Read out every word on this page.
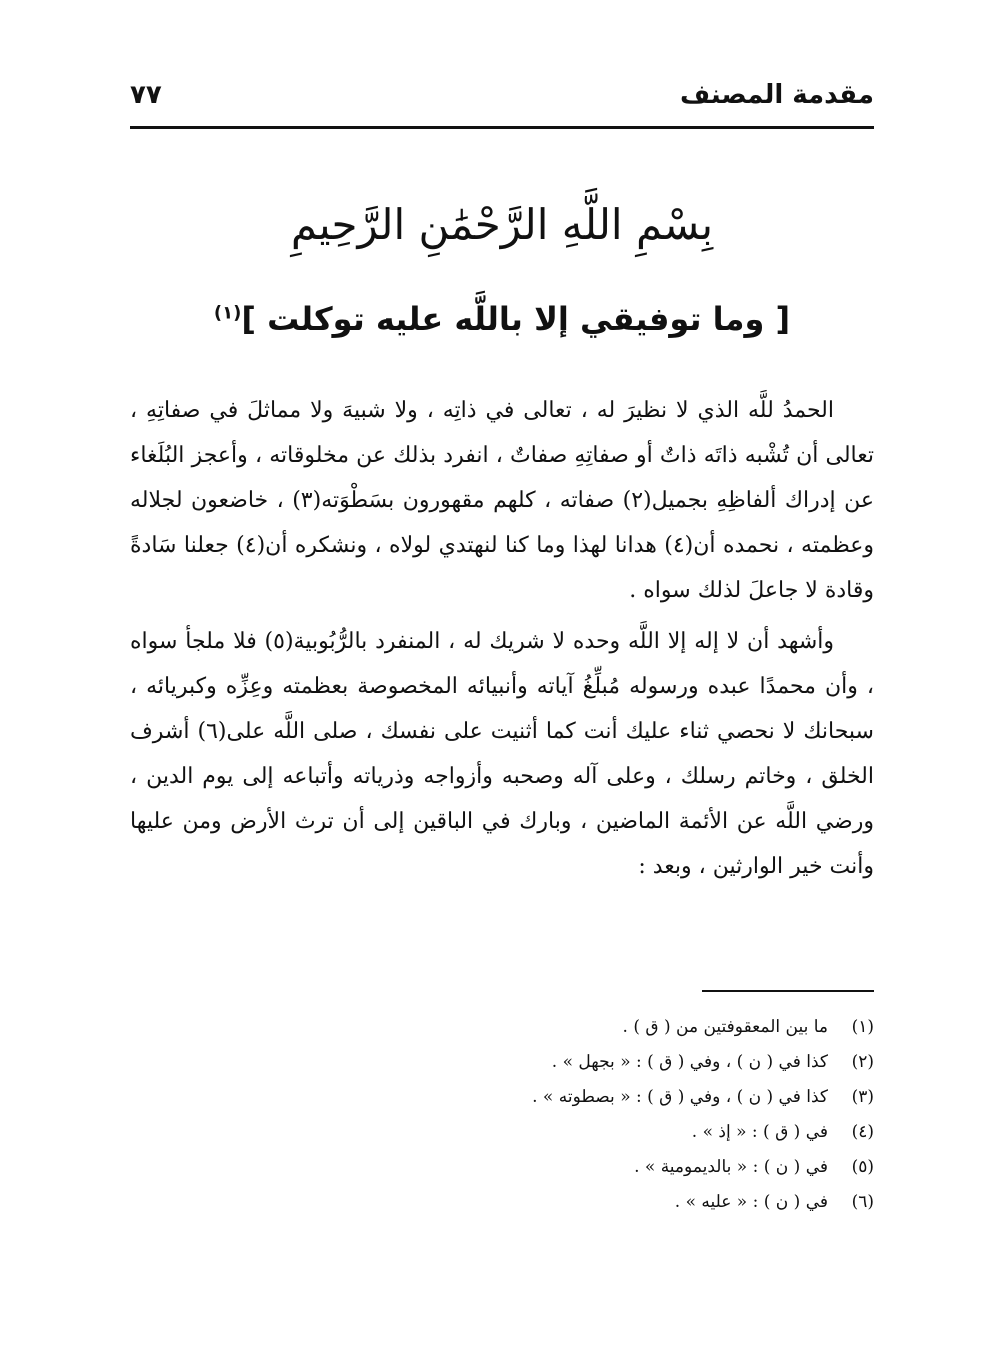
مقدمة المصنف
٧٧
بِسْمِ اللَّهِ الرَّحْمَٰنِ الرَّحِيمِ
[ وما توفيقي إلا باللَّه عليه توكلت ]$^{(١)}$

الحمدُ للَّه الذي لا نظيرَ له ، تعالى في ذاتِه ، ولا شبيهَ ولا مماثلَ في صفاتِهِ ، تعالى أن تُشْبه ذاتَه ذاتٌ أو صفاتِهِ صفاتٌ ، انفرد بذلك عن مخلوقاته ، وأعجز البُلَغاء عن إدراك ألفاظِهِ بجميل(٢) صفاته ، كلهم مقهورون بسَطْوَته(٣) ، خاضعون لجلاله وعظمته ، نحمده أن(٤) هدانا لهذا وما كنا لنهتدي لولاه ، ونشكره أن(٤) جعلنا سَادةً وقادة لا جاعلَ لذلك سواه .

وأشهد أن لا إله إلا اللَّه وحده لا شريك له ، المنفرد بالرُّبُوبية(٥) فلا ملجأ سواه ، وأن محمدًا عبده ورسوله مُبلِّغُ آياته وأنبيائه المخصوصة بعظمته وعِزِّه وكبريائه ، سبحانك لا نحصي ثناء عليك أنت كما أثنيت على نفسك ، صلى اللَّه على(٦) أشرف الخلق ، وخاتم رسلك ، وعلى آله وصحبه وأزواجه وذرياته وأتباعه إلى يوم الدين ، ورضي اللَّه عن الأئمة الماضين ، وبارك في الباقين إلى أن ترث الأرض ومن عليها وأنت خير الوارثين ، وبعد :

(١)
ما بين المعقوفتين من ( ق ) .
(٢)
كذا في ( ن ) ، وفي ( ق ) : « بجهل » .
(٣)
كذا في ( ن ) ، وفي ( ق ) : « بصطوته » .
(٤)
في ( ق ) : « إذ » .
(٥)
في ( ن ) : « بالديمومية » .
(٦)
في ( ن ) : « عليه » .
